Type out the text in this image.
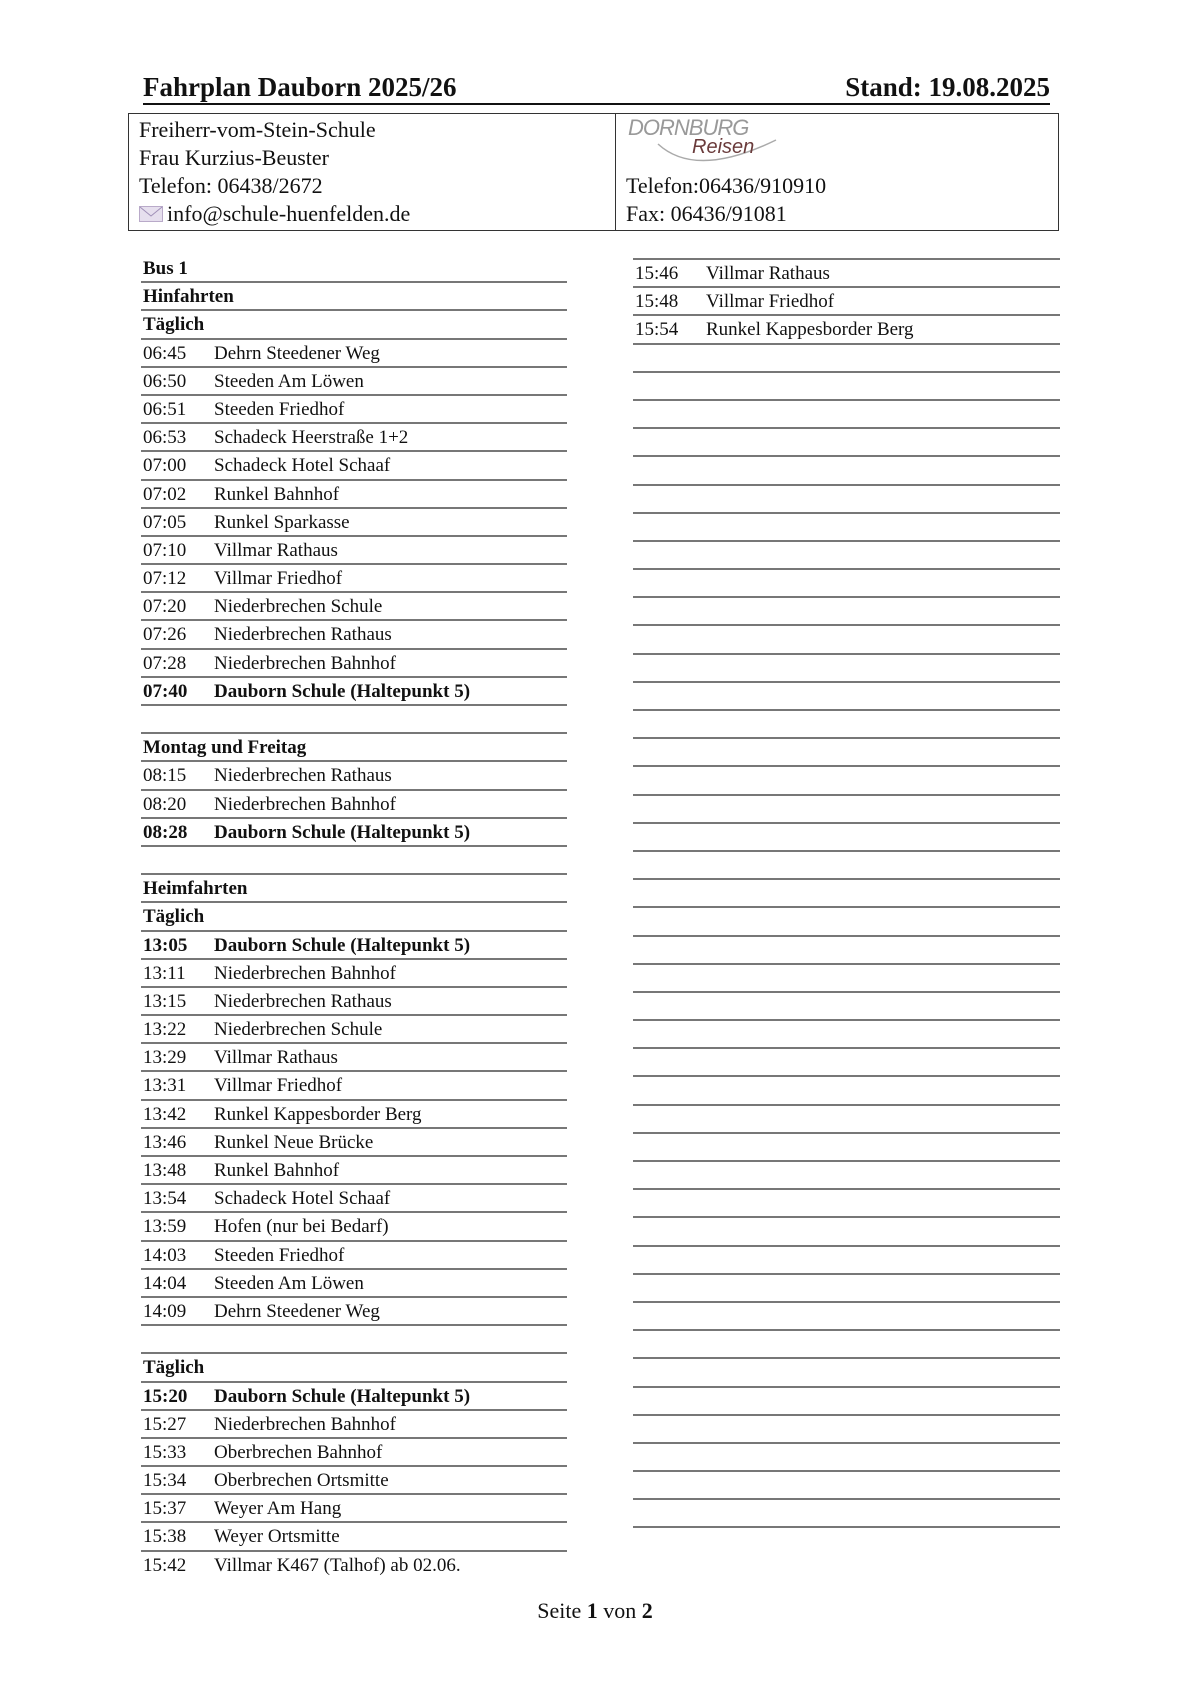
Fahrplan Dauborn 2025/26	Stand: 19.08.2025
Freiherr-vom-Stein-Schule
Frau Kurzius-Beuster
Telefon: 06438/2672
info@schule-huenfelden.de
DORNBURG
Reisen
Telefon:06436/910910
Fax: 06436/91081
Bus 1
Hinfahrten
Täglich
06:45 Dehrn Steedener Weg
06:50 Steeden Am Löwen
06:51 Steeden Friedhof
06:53 Schadeck Heerstraße 1+2
07:00 Schadeck Hotel Schaaf
07:02 Runkel Bahnhof
07:05 Runkel Sparkasse
07:10 Villmar Rathaus
07:12 Villmar Friedhof
07:20 Niederbrechen Schule
07:26 Niederbrechen Rathaus
07:28 Niederbrechen Bahnhof
07:40 Dauborn Schule (Haltepunkt 5)
Montag und Freitag
08:15 Niederbrechen Rathaus
08:20 Niederbrechen Bahnhof
08:28 Dauborn Schule (Haltepunkt 5)
Heimfahrten
Täglich
13:05 Dauborn Schule (Haltepunkt 5)
13:11 Niederbrechen Bahnhof
13:15 Niederbrechen Rathaus
13:22 Niederbrechen Schule
13:29 Villmar Rathaus
13:31 Villmar Friedhof
13:42 Runkel Kappesborder Berg
13:46 Runkel Neue Brücke
13:48 Runkel Bahnhof
13:54 Schadeck Hotel Schaaf
13:59 Hofen (nur bei Bedarf)
14:03 Steeden Friedhof
14:04 Steeden Am Löwen
14:09 Dehrn Steedener Weg
Täglich
15:20 Dauborn Schule (Haltepunkt 5)
15:27 Niederbrechen Bahnhof
15:33 Oberbrechen Bahnhof
15:34 Oberbrechen Ortsmitte
15:37 Weyer Am Hang
15:38 Weyer Ortsmitte
15:42 Villmar K467 (Talhof) ab 02.06.
15:46 Villmar Rathaus
15:48 Villmar Friedhof
15:54 Runkel Kappesborder Berg
Seite 1 von 2
